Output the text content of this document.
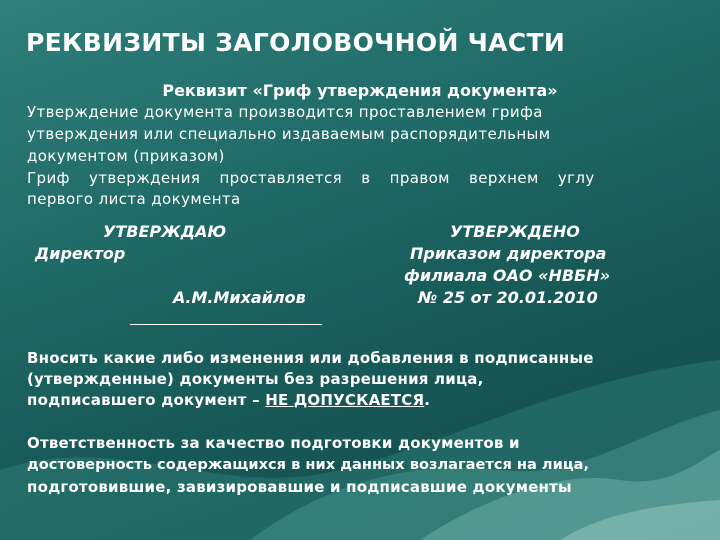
РЕКВИЗИТЫ ЗАГОЛОВОЧНОЙ ЧАСТИ
Реквизит «Гриф утверждения документа»
Утверждение документа производится проставлением грифа
утверждения или специально издаваемым распорядительным
документом (приказом)
Гриф утверждения проставляется в правом верхнем углу
первого листа документа
УТВЕРЖДАЮ
Директор
А.М.Михайлов
УТВЕРЖДЕНО
Приказом директора
филиала ОАО «НВБН»
№ 25 от 20.01.2010
Вносить какие либо изменения или добавления в подписанные
(утвержденные) документы без разрешения лица,
подписавшего документ – НЕ ДОПУСКАЕТСЯ.
Ответственность за качество подготовки документов и
достоверность содержащихся в них данных возлагается на лица,
подготовившие, завизировавшие и подписавшие документы
